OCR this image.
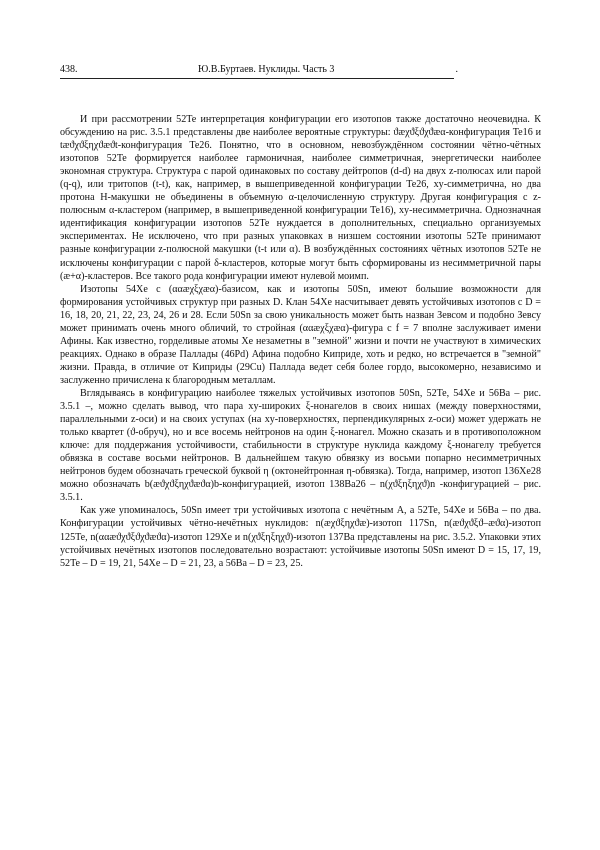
438.	Ю.В.Буртаев. Нуклиды. Часть 3	.

И при рассмотрении 52Te интерпретация конфигурации его изотопов также достаточно неочевидна. К обсуждению на рис. 3.5.1 представлены две наиболее вероятные структуры: ϑæχϑξϑχϑæα-конфигурация Te16 и tæϑχϑξηχϑæϑt-конфигурация Te26. Понятно, что в основном, невозбуждённом состоянии чётно-чётных изотопов 52Te формируется наиболее гармоничная, наиболее симметричная, энергетически наиболее экономная структура. Структура с парой одинаковых по составу дейтропов (d-d) на двух z-полюсах или парой (q-q), или тритопов (t-t), как, например, в вышеприведенной конфигурации Te26, xy-симметрична, но два протона H-макушки не объединены в объемную α-целочисленную структуру. Другая конфигурация с z-полюсным α-кластером (например, в вышеприведенной конфигурации Te16), xy-несимметрична. Однозначная идентификация конфигурации изотопов 52Te нуждается в дополнительных, специально организуемых экспериментах. Не исключено, что при разных упаковках в низшем состоянии изотопы 52Te принимают разные конфигурации z-полюсной макушки (t-t или α). В возбуждённых состояниях чётных изотопов 52Te не исключены конфигурации с парой δ-кластеров, которые могут быть сформированы из несимметричной пары (æ+α)-кластеров. Все такого рода конфигурации имеют нулевой моимп.

Изотопы 54Xe с (ααæχξχæα)-базисом, как и изотопы 50Sn, имеют большие возможности для формирования устойчивых структур при разных D. Клан 54Xe насчитывает девять устойчивых изотопов с D = 16, 18, 20, 21, 22, 23, 24, 26 и 28. Если 50Sn за свою уникальность может быть назван Зевсом и подобно Зевсу может принимать очень много обличий, то стройная (ααæχξχæα)-фигура с f = 7 вполне заслуживает имени Афины. Как известно, горделивые атомы Xe незаметны в "земной" жизни и почти не участвуют в химических реакциях. Однако в образе Паллады (46Pd) Афина подобно Киприде, хоть и редко, но встречается в "земной" жизни. Правда, в отличие от Киприды (29Cu) Паллада ведет себя более гордо, высокомерно, независимо и заслуженно причислена к благородным металлам.

Вглядываясь в конфигурацию наиболее тяжелых устойчивых изотопов 50Sn, 52Te, 54Xe и 56Ba – рис. 3.5.1 –, можно сделать вывод, что пара xy-широких ξ-нонагелов в своих нишах (между поверхностями, параллельными z-оси) и на своих уступах (на xy-поверхностях, перпендикулярных z-оси) может удержать не только квартет (ϑ-обруч), но и все восемь нейтронов на один ξ-нонагел. Можно сказать и в противоположном ключе: для поддержания устойчивости, стабильности в структуре нуклида каждому ξ-нонагелу требуется обвязка в составе восьми нейтронов. В дальнейшем такую обвязку из восьми попарно несимметричных нейтронов будем обозначать греческой буквой η (октонейтронная η-обвязка). Тогда, например, изотоп 136Xe28 можно обозначать b(æϑχϑξηχϑæϑα)b-конфигурацией, изотоп 138Ba26 – n(χϑξηξηχϑ)n -конфигурацией – рис. 3.5.1.

Как уже упоминалось, 50Sn имеет три устойчивых изотопа с нечётным A, а 52Te, 54Xe и 56Ba – по два. Конфигурации устойчивых чётно-нечётных нуклидов: n(æχϑξηχϑæ)-изотоп 117Sn, n(æϑχϑξϑ–æϑα)-изотоп 125Te, n(ααæϑχϑξϑχϑæϑα)-изотоп 129Xe и n(χϑξηξηχϑ)-изотоп 137Ba представлены на рис. 3.5.2. Упаковки этих устойчивых нечётных изотопов последовательно возрастают: устойчивые изотопы 50Sn имеют D = 15, 17, 19, 52Te – D = 19, 21, 54Xe – D = 21, 23, а 56Ba – D = 23, 25.
